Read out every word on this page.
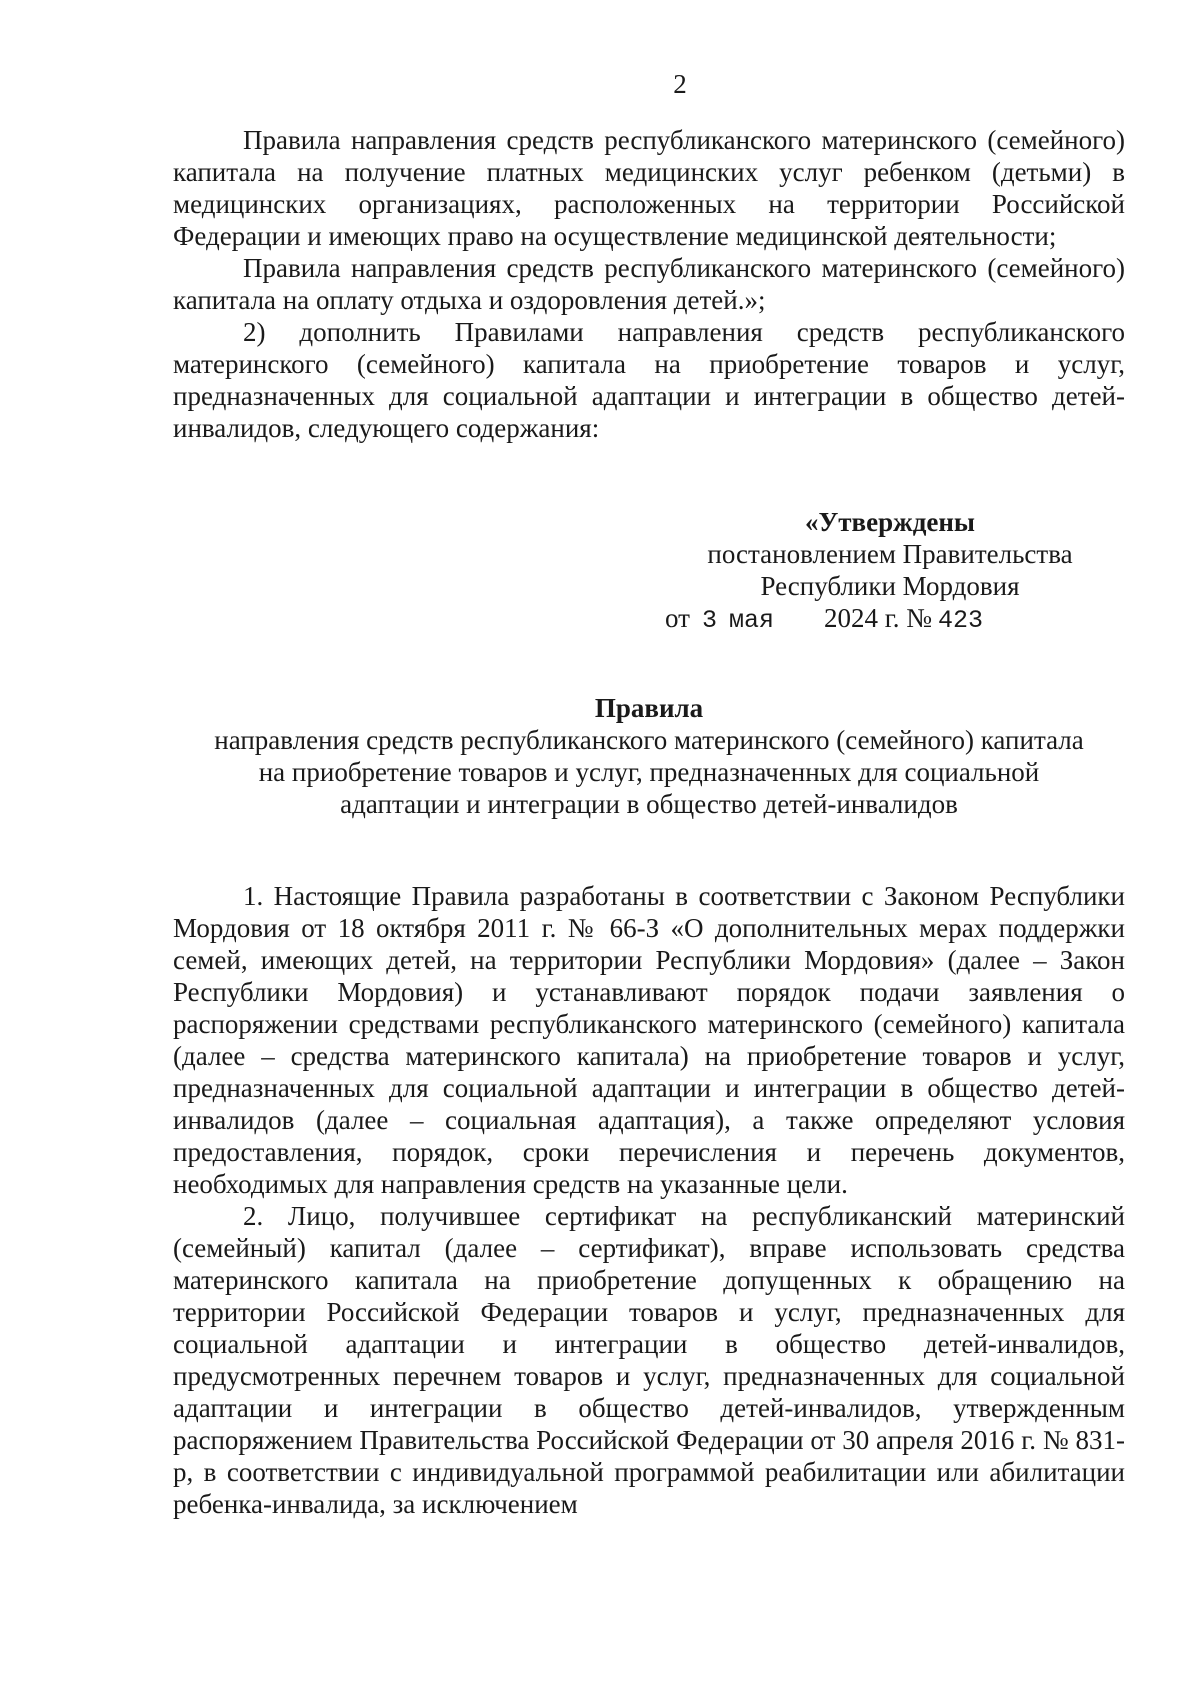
2

Правила направления средств республиканского материнского (семейного) капитала на получение платных медицинских услуг ребенком (детьми) в медицинских организациях, расположенных на территории Российской Федерации и имеющих право на осуществление медицинской деятельности;

Правила направления средств республиканского материнского (семейного) капитала на оплату отдыха и оздоровления детей.»;

2) дополнить Правилами направления средств республиканского материнского (семейного) капитала на приобретение товаров и услуг, предназначенных для социальной адаптации и интеграции в общество детей-инвалидов, следующего содержания:

«Утверждены
постановлением Правительства
Республики Мордовия
от 3 мая 2024 г. № 423
Правила
направления средств республиканского материнского (семейного) капитала
на приобретение товаров и услуг, предназначенных для социальной
адаптации и интеграции в общество детей-инвалидов

1. Настоящие Правила разработаны в соответствии с Законом Республики Мордовия от 18 октября 2011 г. № 66-З «О дополнительных мерах поддержки семей, имеющих детей, на территории Республики Мордовия» (далее – Закон Республики Мордовия) и устанавливают порядок подачи заявления о распоряжении средствами республиканского материнского (семейного) капитала (далее – средства материнского капитала) на приобретение товаров и услуг, предназначенных для социальной адаптации и интеграции в общество детей-инвалидов (далее – социальная адаптация), а также определяют условия предоставления, порядок, сроки перечисления и перечень документов, необходимых для направления средств на указанные цели.

2. Лицо, получившее сертификат на республиканский материнский (семейный) капитал (далее – сертификат), вправе использовать средства материнского капитала на приобретение допущенных к обращению на территории Российской Федерации товаров и услуг, предназначенных для социальной адаптации и интеграции в общество детей-инвалидов, предусмотренных перечнем товаров и услуг, предназначенных для социальной адаптации и интеграции в общество детей-инвалидов, утвержденным распоряжением Правительства Российской Федерации от 30 апреля 2016 г. № 831-р, в соответствии с индивидуальной программой реабилитации или абилитации ребенка-инвалида, за исключением
